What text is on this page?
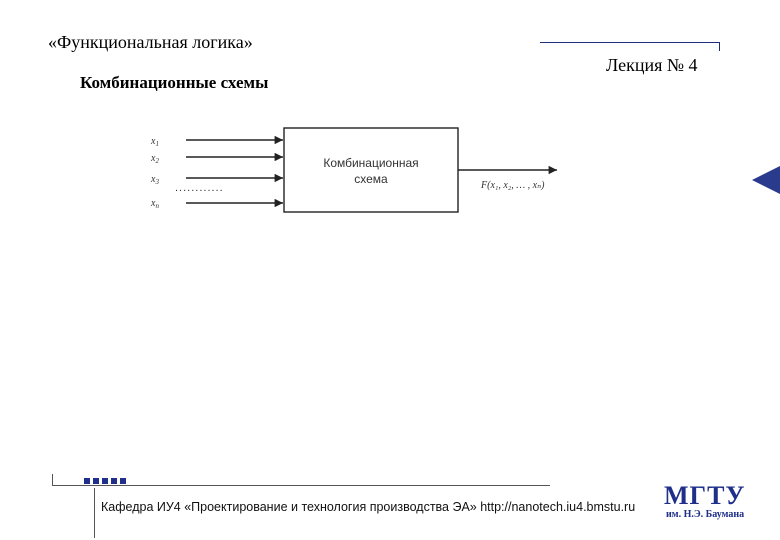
«Функциональная логика»
Лекция № 4
Комбинационные схемы
$x_1$
$x_2$
$x_3$
$x_n$
............
Комбинационная
схема	F(x₁, x₂, … , xₙ)
Кафедра ИУ4 «Проектирование и технология производства ЭА» http://nanotech.iu4.bmstu.ru МГТУ
им. Н.Э. Баумана
